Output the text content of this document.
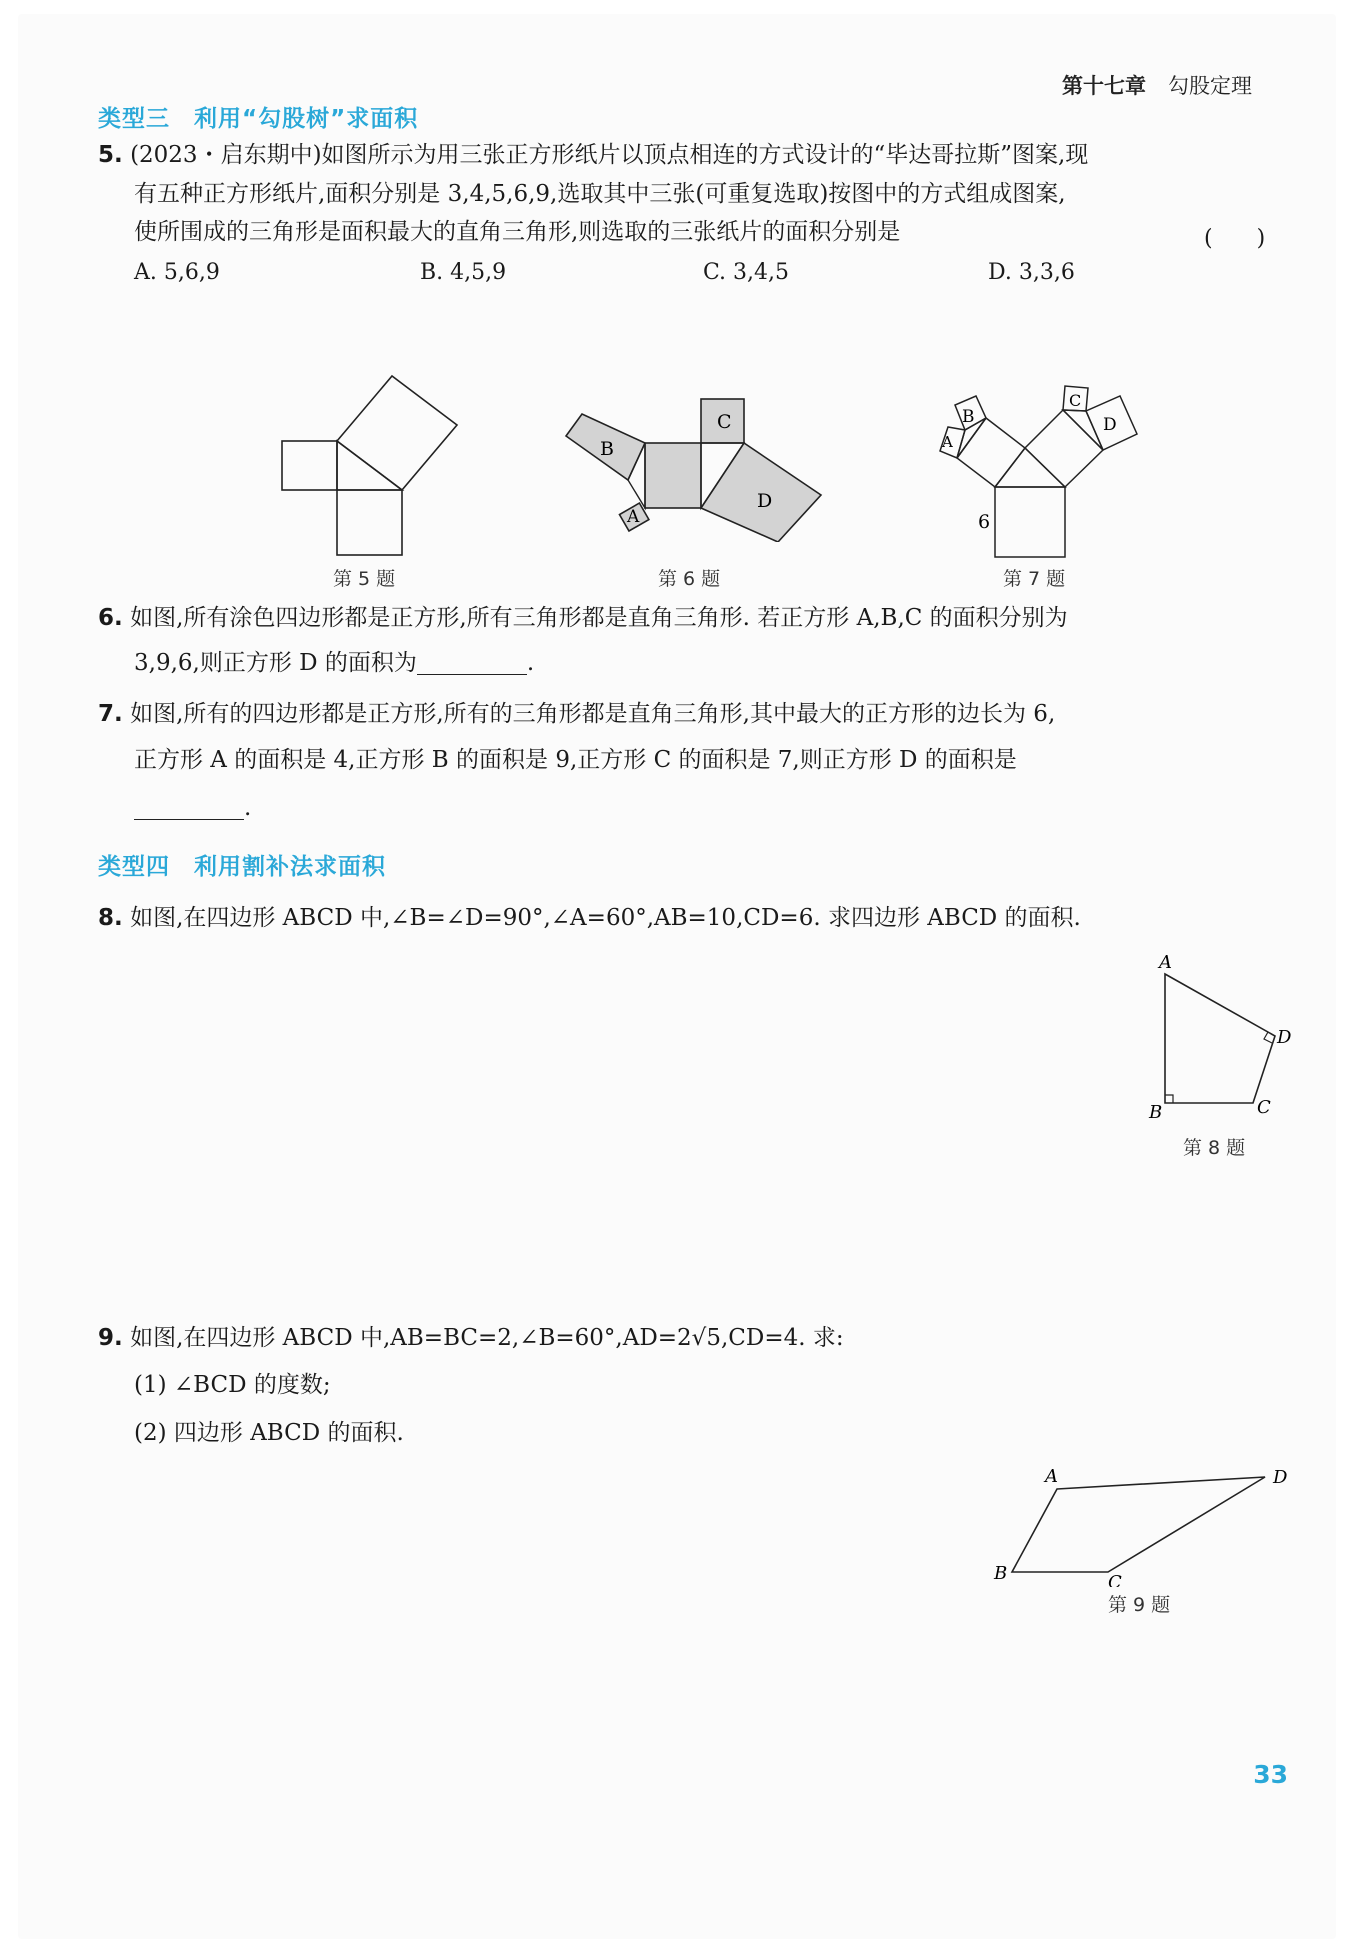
第十七章 勾股定理
类型三　利用“勾股树”求面积
5. (2023・启东期中)如图所示为用三张正方形纸片以顶点相连的方式设计的“毕达哥拉斯”图案,现
有五种正方形纸片,面积分别是 3,4,5,6,9,选取其中三张(可重复选取)按图中的方式组成图案,
使所围成的三角形是面积最大的直角三角形,则选取的三张纸片的面积分别是	(　　)
A. 5,6,9	B. 4,5,9	C. 3,4,5	D. 3,3,6
第 5 题
B
A
C
D
第 6 题
B
A
C
D
6
第 7 题
6. 如图,所有涂色四边形都是正方形,所有三角形都是直角三角形. 若正方形 A,B,C 的面积分别为
3,9,6,则正方形 D 的面积为	.
7. 如图,所有的四边形都是正方形,所有的三角形都是直角三角形,其中最大的正方形的边长为 6,
正方形 A 的面积是 4,正方形 B 的面积是 9,正方形 C 的面积是 7,则正方形 D 的面积是
.
类型四　利用割补法求面积
8. 如图,在四边形 ABCD 中,∠B=∠D=90°,∠A=60°,AB=10,CD=6. 求四边形 ABCD 的面积.
A
D
B	C
第 8 题
9. 如图,在四边形 ABCD 中,AB=BC=2,∠B=60°,AD=2√5,CD=4. 求:
(1) ∠BCD 的度数;
(2) 四边形 ABCD 的面积.
A	D
B	C
第 9 题
33
